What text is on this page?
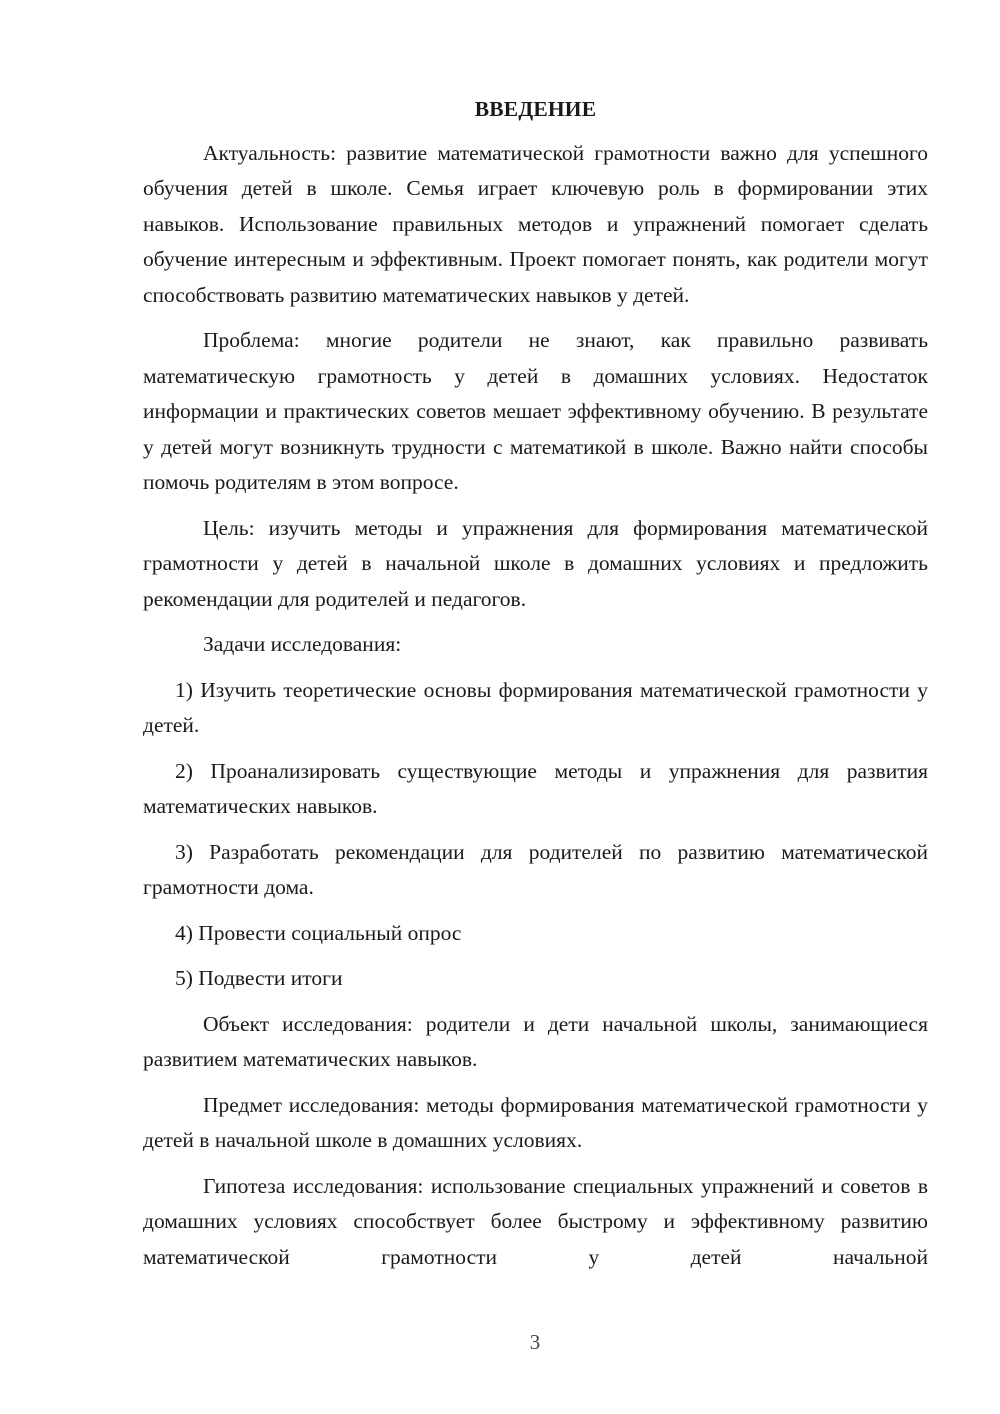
ВВЕДЕНИЕ

Актуальность: развитие математической грамотности важно для успешного обучения детей в школе. Семья играет ключевую роль в формировании этих навыков. Использование правильных методов и упражнений помогает сделать обучение интересным и эффективным. Проект помогает понять, как родители могут способствовать развитию математических навыков у детей.

Проблема: многие родители не знают, как правильно развивать математическую грамотность у детей в домашних условиях. Недостаток информации и практических советов мешает эффективному обучению. В результате у детей могут возникнуть трудности с математикой в школе. Важно найти способы помочь родителям в этом вопросе.

Цель: изучить методы и упражнения для формирования математической грамотности у детей в начальной школе в домашних условиях и предложить рекомендации для родителей и педагогов.

Задачи исследования:

1) Изучить теоретические основы формирования математической грамотности у детей.

2) Проанализировать существующие методы и упражнения для развития математических навыков.

3) Разработать рекомендации для родителей по развитию математической грамотности дома.

4) Провести социальный опрос

5) Подвести итоги

Объект исследования: родители и дети начальной школы, занимающиеся развитием математических навыков.

Предмет исследования: методы формирования математической грамотности у детей в начальной школе в домашних условиях.

Гипотеза исследования: использование специальных упражнений и советов в домашних условиях способствует более быстрому и эффективному развитию математической грамотности у детей начальной

3
